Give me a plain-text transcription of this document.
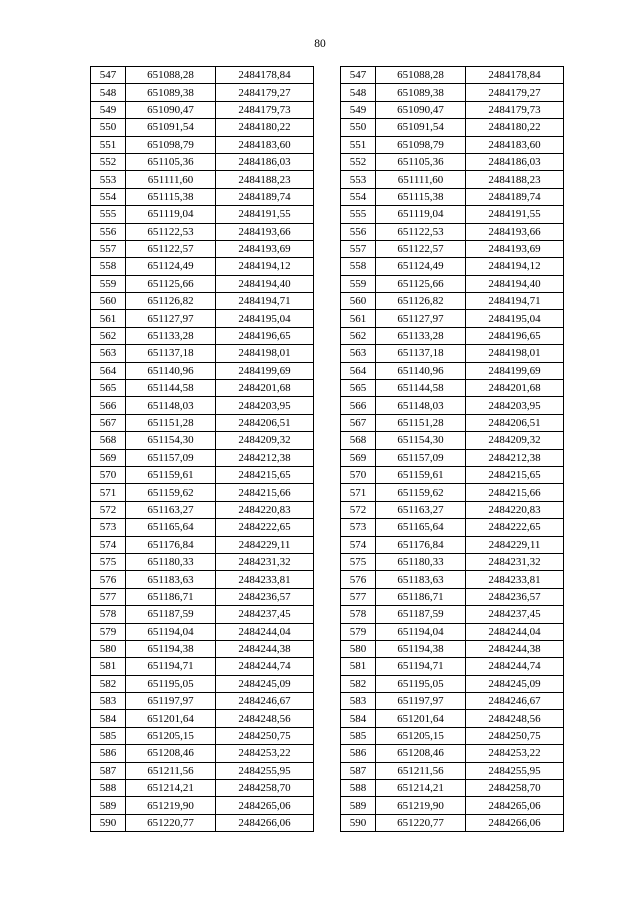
80
547	651088,28	2484178,84
548	651089,38	2484179,27
549	651090,47	2484179,73
550	651091,54	2484180,22
551	651098,79	2484183,60
552	651105,36	2484186,03
553	651111,60	2484188,23
554	651115,38	2484189,74
555	651119,04	2484191,55
556	651122,53	2484193,66
557	651122,57	2484193,69
558	651124,49	2484194,12
559	651125,66	2484194,40
560	651126,82	2484194,71
561	651127,97	2484195,04
562	651133,28	2484196,65
563	651137,18	2484198,01
564	651140,96	2484199,69
565	651144,58	2484201,68
566	651148,03	2484203,95
567	651151,28	2484206,51
568	651154,30	2484209,32
569	651157,09	2484212,38
570	651159,61	2484215,65
571	651159,62	2484215,66
572	651163,27	2484220,83
573	651165,64	2484222,65
574	651176,84	2484229,11
575	651180,33	2484231,32
576	651183,63	2484233,81
577	651186,71	2484236,57
578	651187,59	2484237,45
579	651194,04	2484244,04
580	651194,38	2484244,38
581	651194,71	2484244,74
582	651195,05	2484245,09
583	651197,97	2484246,67
584	651201,64	2484248,56
585	651205,15	2484250,75
586	651208,46	2484253,22
587	651211,56	2484255,95
588	651214,21	2484258,70
589	651219,90	2484265,06
590	651220,77	2484266,06
547	651088,28	2484178,84
548	651089,38	2484179,27
549	651090,47	2484179,73
550	651091,54	2484180,22
551	651098,79	2484183,60
552	651105,36	2484186,03
553	651111,60	2484188,23
554	651115,38	2484189,74
555	651119,04	2484191,55
556	651122,53	2484193,66
557	651122,57	2484193,69
558	651124,49	2484194,12
559	651125,66	2484194,40
560	651126,82	2484194,71
561	651127,97	2484195,04
562	651133,28	2484196,65
563	651137,18	2484198,01
564	651140,96	2484199,69
565	651144,58	2484201,68
566	651148,03	2484203,95
567	651151,28	2484206,51
568	651154,30	2484209,32
569	651157,09	2484212,38
570	651159,61	2484215,65
571	651159,62	2484215,66
572	651163,27	2484220,83
573	651165,64	2484222,65
574	651176,84	2484229,11
575	651180,33	2484231,32
576	651183,63	2484233,81
577	651186,71	2484236,57
578	651187,59	2484237,45
579	651194,04	2484244,04
580	651194,38	2484244,38
581	651194,71	2484244,74
582	651195,05	2484245,09
583	651197,97	2484246,67
584	651201,64	2484248,56
585	651205,15	2484250,75
586	651208,46	2484253,22
587	651211,56	2484255,95
588	651214,21	2484258,70
589	651219,90	2484265,06
590	651220,77	2484266,06
